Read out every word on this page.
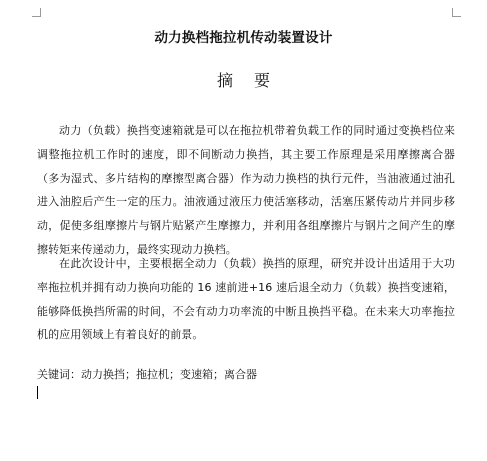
动力换档拖拉机传动装置设计
摘 要

动力（负载）换挡变速箱就是可以在拖拉机带着负载工作的同时通过变换档位来调整拖拉机工作时的速度，即不间断动力换挡，其主要工作原理是采用摩擦离合器（多为湿式、多片结构的摩擦型离合器）作为动力换档的执行元件，当油液通过油孔进入油腔后产生一定的压力。油液通过液压力使活塞移动，活塞压紧传动片并同步移动，促使多组摩擦片与钢片贴紧产生摩擦力，并利用各组摩擦片与钢片之间产生的摩擦转矩来传递动力，最终实现动力换档。

在此次设计中，主要根据全动力（负载）换挡的原理，研究并设计出适用于大功率拖拉机并拥有动力换向功能的 16 速前进+16 速后退全动力（负载）换挡变速箱，能够降低换挡所需的时间，不会有动力功率流的中断且换挡平稳。在未来大功率拖拉机的应用领域上有着良好的前景。

关键词：动力换挡；拖拉机；变速箱；离合器
